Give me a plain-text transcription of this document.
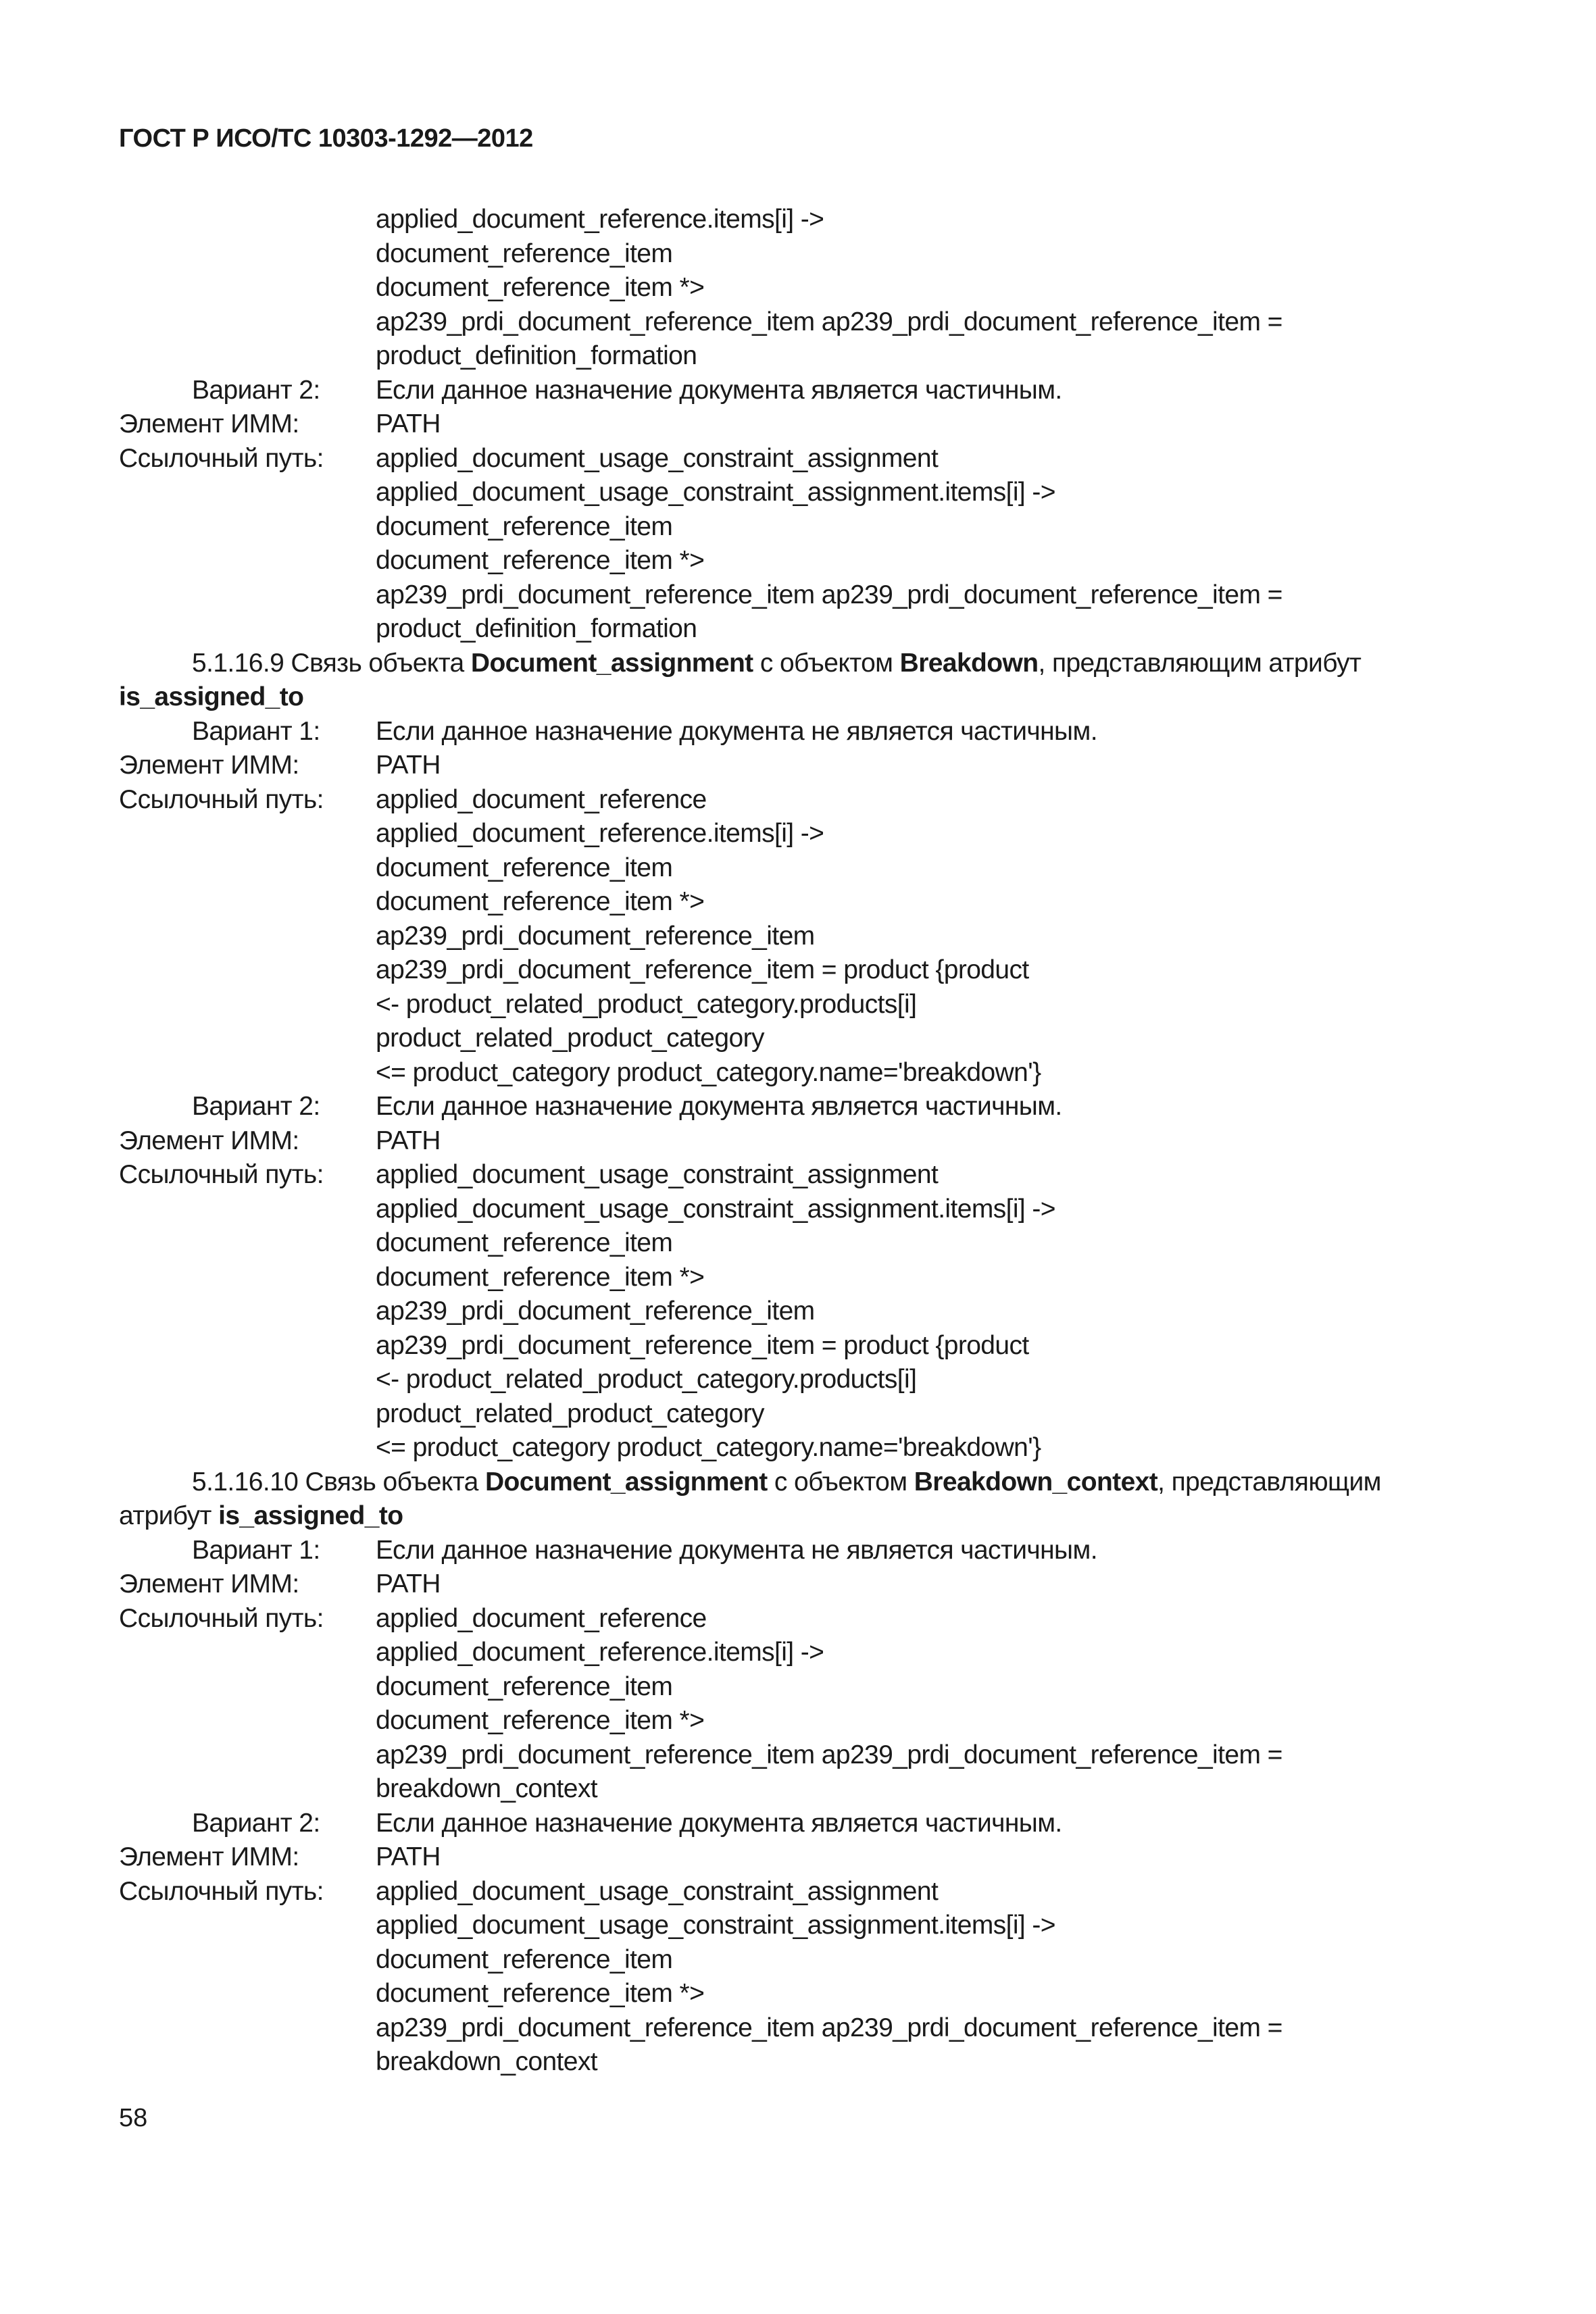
ГОСТ Р ИСО/ТС 10303-1292—2012
applied_document_reference.items[i] ->
document_reference_item
document_reference_item *>
ap239_prdi_document_reference_item ap239_prdi_document_reference_item =
product_definition_formation
Вариант 2:	Если данное назначение документа является частичным.
Элемент ИММ:	PATH
Ссылочный путь:	applied_document_usage_constraint_assignment
applied_document_usage_constraint_assignment.items[i] ->
document_reference_item
document_reference_item *>
ap239_prdi_document_reference_item ap239_prdi_document_reference_item =
product_definition_formation
5.1.16.9 Связь объекта Document_assignment с объектом Breakdown, представляющим атрибут
is_assigned_to
Вариант 1:	Если данное назначение документа не является частичным.
Элемент ИММ:	PATH
Ссылочный путь:	applied_document_reference
applied_document_reference.items[i] ->
document_reference_item
document_reference_item *>
ap239_prdi_document_reference_item
ap239_prdi_document_reference_item = product {product
<- product_related_product_category.products[i]
product_related_product_category
<= product_category product_category.name='breakdown'}
Вариант 2:	Если данное назначение документа является частичным.
Элемент ИММ:	PATH
Ссылочный путь:	applied_document_usage_constraint_assignment
applied_document_usage_constraint_assignment.items[i] ->
document_reference_item
document_reference_item *>
ap239_prdi_document_reference_item
ap239_prdi_document_reference_item = product {product
<- product_related_product_category.products[i]
product_related_product_category
<= product_category product_category.name='breakdown'}
5.1.16.10 Связь объекта Document_assignment с объектом Breakdown_context, представляющим
атрибут is_assigned_to
Вариант 1:	Если данное назначение документа не является частичным.
Элемент ИММ:	PATH
Ссылочный путь:	applied_document_reference
applied_document_reference.items[i] ->
document_reference_item
document_reference_item *>
ap239_prdi_document_reference_item ap239_prdi_document_reference_item =
breakdown_context
Вариант 2:	Если данное назначение документа является частичным.
Элемент ИММ:	PATH
Ссылочный путь:	applied_document_usage_constraint_assignment
applied_document_usage_constraint_assignment.items[i] ->
document_reference_item
document_reference_item *>
ap239_prdi_document_reference_item ap239_prdi_document_reference_item =
breakdown_context
58
